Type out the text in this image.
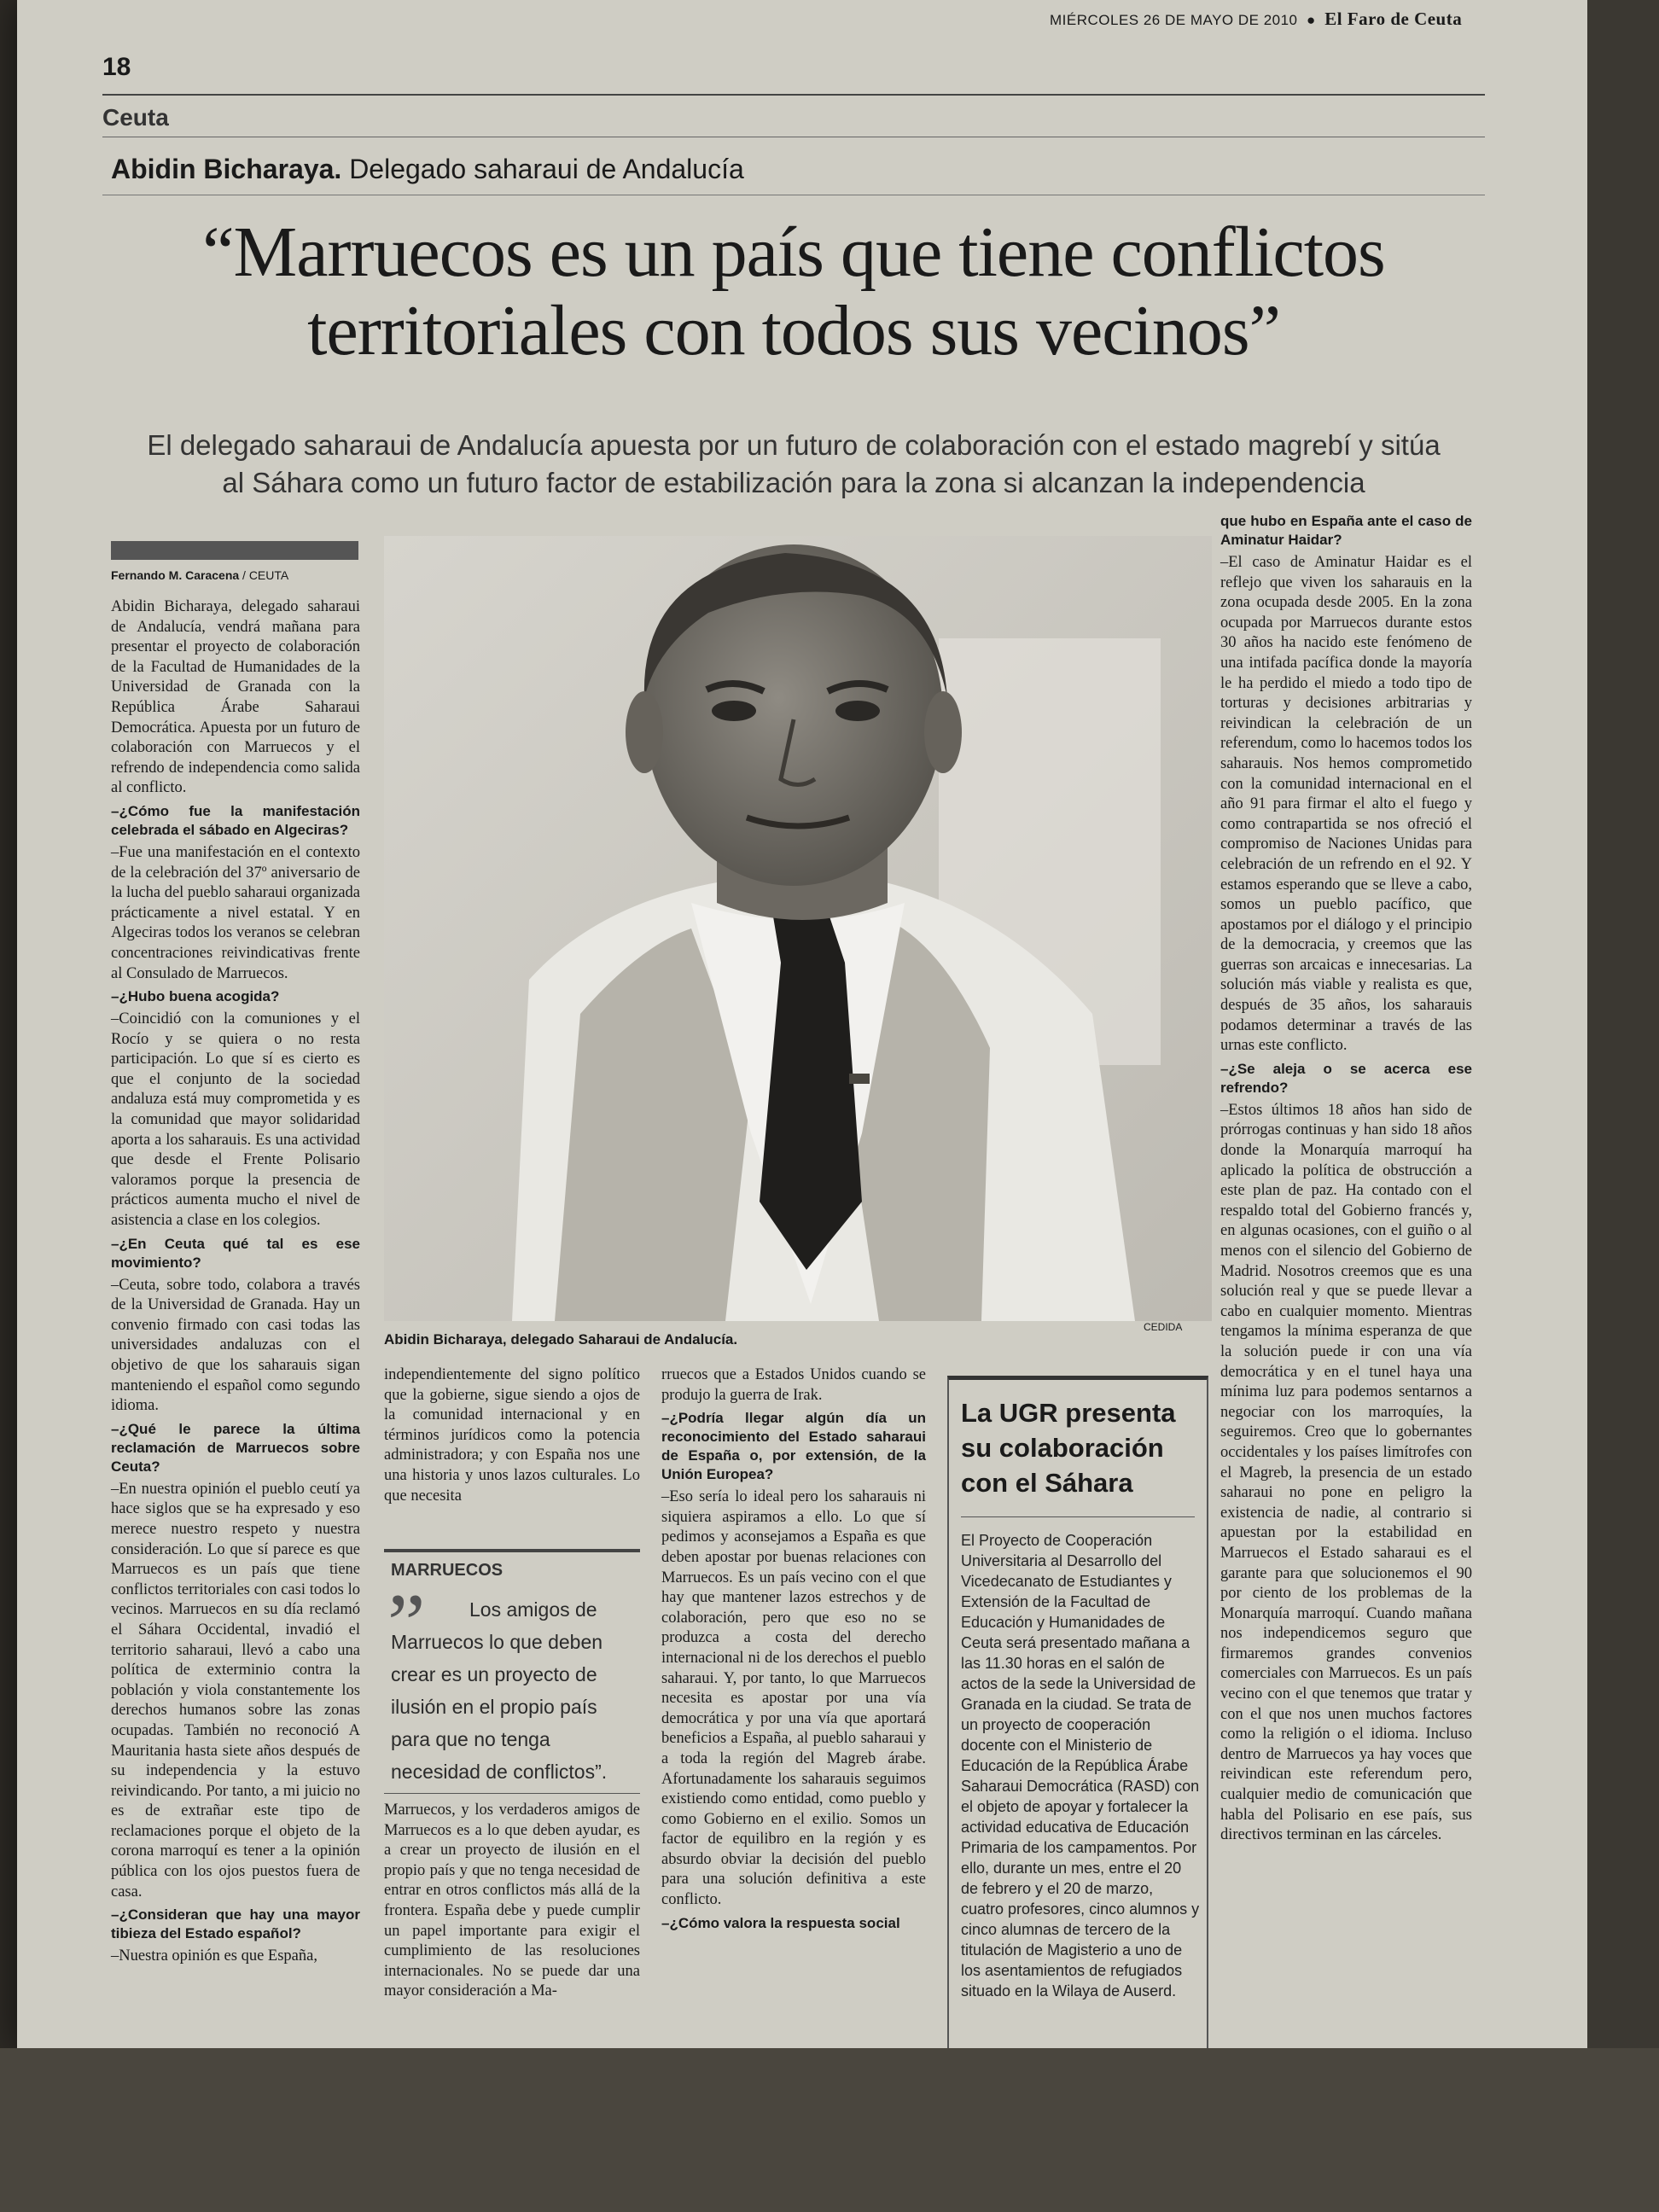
MIÉRCOLES 26 DE MAYO DE 2010  ●  El Faro de Ceuta
18
Ceuta
Abidin Bicharaya. Delegado saharaui de Andalucía
“Marruecos es un país que tiene conflictos
territoriales con todos sus vecinos”
El delegado saharaui de Andalucía apuesta por un futuro de colaboración con el estado magrebí y sitúa
al Sáhara como un futuro factor de estabilización para la zona si alcanzan la independencia
Fernando M. Caracena / CEUTA
Abidin Bicharaya, delegado Saharaui de Andalucía.
CEDIDA

Abidin Bicharaya, delegado saharaui de Andalucía, vendrá mañana para presentar el proyecto de colaboración de la Facultad de Humanidades de la Universidad de Granada con la República Árabe Saharaui Democrática. Apuesta por un futuro de colaboración con Marruecos y el refrendo de independencia como salida al conflicto.

–¿Cómo fue la manifestación celebrada el sábado en Algeciras?

–Fue una manifestación en el contexto de la celebración del 37º aniversario de la lucha del pueblo saharaui organizada prácticamente a nivel estatal. Y en Algeciras todos los veranos se celebran concentraciones reivindicativas frente al Consulado de Marruecos.

–¿Hubo buena acogida?

–Coincidió con la comuniones y el Rocío y se quiera o no resta participación. Lo que sí es cierto es que el conjunto de la sociedad andaluza está muy comprometida y es la comunidad que mayor solidaridad aporta a los saharauis. Es una actividad que desde el Frente Polisario valoramos porque la presencia de prácticos aumenta mucho el nivel de asistencia a clase en los colegios.

–¿En Ceuta qué tal es ese movimiento?

–Ceuta, sobre todo, colabora a través de la Universidad de Granada. Hay un convenio firmado con casi todas las universidades andaluzas con el objetivo de que los saharauis sigan manteniendo el español como segundo idioma.

–¿Qué le parece la última reclamación de Marruecos sobre Ceuta?

–En nuestra opinión el pueblo ceutí ya hace siglos que se ha expresado y eso merece nuestro respeto y nuestra consideración. Lo que sí parece es que Marruecos es un país que tiene conflictos territoriales con casi todos lo vecinos. Marruecos en su día reclamó el Sáhara Occidental, invadió el territorio saharaui, llevó a cabo una política de exterminio contra la población y viola constantemente los derechos humanos sobre las zonas ocupadas. También no reconoció A Mauritania hasta siete años después de su independencia y la estuvo reivindicando. Por tanto, a mi juicio no es de extrañar este tipo de reclamaciones porque el objeto de la corona marroquí es tener a la opinión pública con los ojos puestos fuera de casa.

–¿Consideran que hay una mayor tibieza del Estado español?

–Nuestra opinión es que España,

independientemente del signo político que la gobierne, sigue siendo a ojos de la comunidad internacional y en términos jurídicos como la potencia administradora; y con España nos une una historia y unos lazos culturales. Lo que necesita

MARRUECOS
”	Los amigos de Marruecos lo que deben crear es un proyecto de ilusión en el propio país para que no tenga necesidad de conflictos”.

Marruecos, y los verdaderos amigos de Marruecos es a lo que deben ayudar, es a crear un proyecto de ilusión en el propio país y que no tenga necesidad de entrar en otros conflictos más allá de la frontera. España debe y puede cumplir un papel importante para exigir el cumplimiento de las resoluciones internacionales. No se puede dar una mayor consideración a Ma-

rruecos que a Estados Unidos cuando se produjo la guerra de Irak.

–¿Podría llegar algún día un reconocimiento del Estado saharaui de España o, por extensión, de la Unión Europea?

–Eso sería lo ideal pero los saharauis ni siquiera aspiramos a ello. Lo que sí pedimos y aconsejamos a España es que deben apostar por buenas relaciones con Marruecos. Es un país vecino con el que hay que mantener lazos estrechos y de colaboración, pero que eso no se produzca a costa del derecho internacional ni de los derechos el pueblo saharaui. Y, por tanto, lo que Marruecos necesita es apostar por una vía democrática y por una vía que aportará beneficios a España, al pueblo saharaui y a toda la región del Magreb árabe. Afortunadamente los saharauis seguimos existiendo como entidad, como pueblo y como Gobierno en el exilio. Somos un factor de equilibro en la región y es absurdo obviar la decisión del pueblo para una solución definitiva a este conflicto.

–¿Cómo valora la respuesta social

La UGR presenta su colaboración con el Sáhara
El Proyecto de Cooperación Universitaria al Desarrollo del Vicedecanato de Estudiantes y Extensión de la Facultad de Educación y Humanidades de Ceuta será presentado mañana a las 11.30 horas en el salón de actos de la sede la Universidad de Granada en la ciudad. Se trata de un proyecto de cooperación docente con el Ministerio de Educación de la República Árabe Saharaui Democrática (RASD) con el objeto de apoyar y fortalecer la actividad educativa de Educación Primaria de los campamentos. Por ello, durante un mes, entre el 20 de febrero y el 20 de marzo, cuatro profesores, cinco alumnos y cinco alumnas de tercero de la titulación de Magisterio a uno de los asentamientos de refugiados situado en la Wilaya de Auserd.

que hubo en España ante el caso de Aminatur Haidar?

–El caso de Aminatur Haidar es el reflejo que viven los saharauis en la zona ocupada desde 2005. En la zona ocupada por Marruecos durante estos 30 años ha nacido este fenómeno de una intifada pacífica donde la mayoría le ha perdido el miedo a todo tipo de torturas y decisiones arbitrarias y reivindican la celebración de un referendum, como lo hacemos todos los saharauis. Nos hemos comprometido con la comunidad internacional en el año 91 para firmar el alto el fuego y como contrapartida se nos ofreció el compromiso de Naciones Unidas para celebración de un refrendo en el 92. Y estamos esperando que se lleve a cabo, somos un pueblo pacífico, que apostamos por el diálogo y el principio de la democracia, y creemos que las guerras son arcaicas e innecesarias. La solución más viable y realista es que, después de 35 años, los saharauis podamos determinar a través de las urnas este conflicto.

–¿Se aleja o se acerca ese refrendo?

–Estos últimos 18 años han sido de prórrogas continuas y han sido 18 años donde la Monarquía marroquí ha aplicado la política de obstrucción a este plan de paz. Ha contado con el respaldo total del Gobierno francés y, en algunas ocasiones, con el guiño o al menos con el silencio del Gobierno de Madrid. Nosotros creemos que es una solución real y que se puede llevar a cabo en cualquier momento. Mientras tengamos la mínima esperanza de que la solución puede ir con una vía democrática y en el tunel haya una mínima luz para podemos sentarnos a negociar con los marroquíes, la seguiremos. Creo que lo gobernantes occidentales y los países limítrofes con el Magreb, la presencia de un estado saharaui no pone en peligro la existencia de nadie, al contrario si apuestan por la estabilidad en Marruecos el Estado saharaui es el garante para que solucionemos el 90 por ciento de los problemas de la Monarquía marroquí. Cuando mañana nos independicemos seguro que firmaremos grandes convenios comerciales con Marruecos. Es un país vecino con el que tenemos que tratar y con el que nos unen muchos factores como la religión o el idioma. Incluso dentro de Marruecos ya hay voces que reivindican este referendum pero, cualquier medio de comunicación que habla del Polisario en ese país, sus directivos terminan en las cárceles.
